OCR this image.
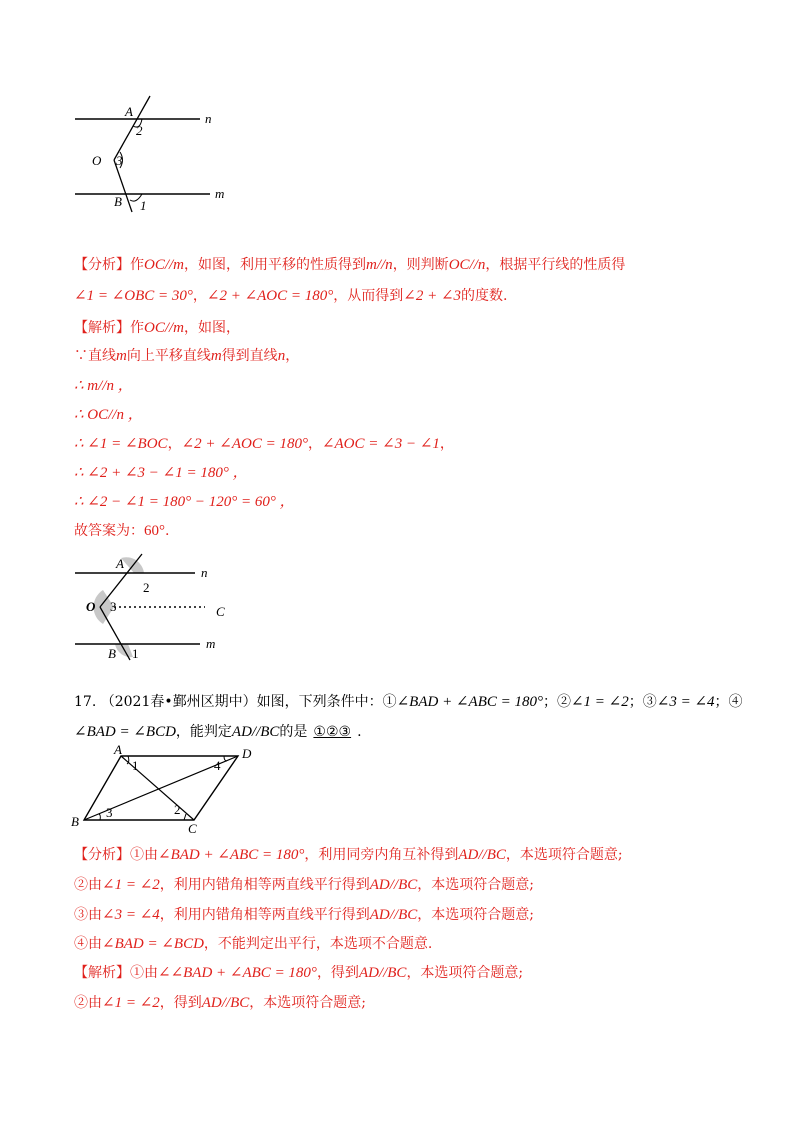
A
2
n
O 3
m
B 1
【分析】作OC//m，如图，利用平移的性质得到m//n，则判断OC//n，根据平行线的性质得
∠1 = ∠OBC = 30°，∠2 + ∠AOC = 180°，从而得到∠2 + ∠3的度数.
【解析】作OC//m，如图，
∵直线m向上平移直线m得到直线n，
∴ m//n ，
∴ OC//n ，
∴ ∠1 = ∠BOC，∠2 + ∠AOC = 180°，∠AOC = ∠3 − ∠1，
∴ ∠2 + ∠3 − ∠1 = 180° ，
∴ ∠2 − ∠1 = 180° − 120° = 60° ，
故答案为：60°.
A
2
n
O 3	C
m
B 1
17. （2021春•鄞州区期中）如图，下列条件中：①∠BAD + ∠ABC = 180°；②∠1 = ∠2；③∠3 = ∠4；④
∠BAD = ∠BCD，能判定AD//BC的是 ①②③ .
A	D
B	C
1	4
3	2
【分析】①由∠BAD + ∠ABC = 180°，利用同旁内角互补得到AD//BC，本选项符合题意;
②由∠1 = ∠2，利用内错角相等两直线平行得到AD//BC，本选项符合题意;
③由∠3 = ∠4，利用内错角相等两直线平行得到AD//BC，本选项符合题意;
④由∠BAD = ∠BCD，不能判定出平行，本选项不合题意.
【解析】①由∠∠BAD + ∠ABC = 180°，得到AD//BC，本选项符合题意;
②由∠1 = ∠2，得到AD//BC，本选项符合题意;
